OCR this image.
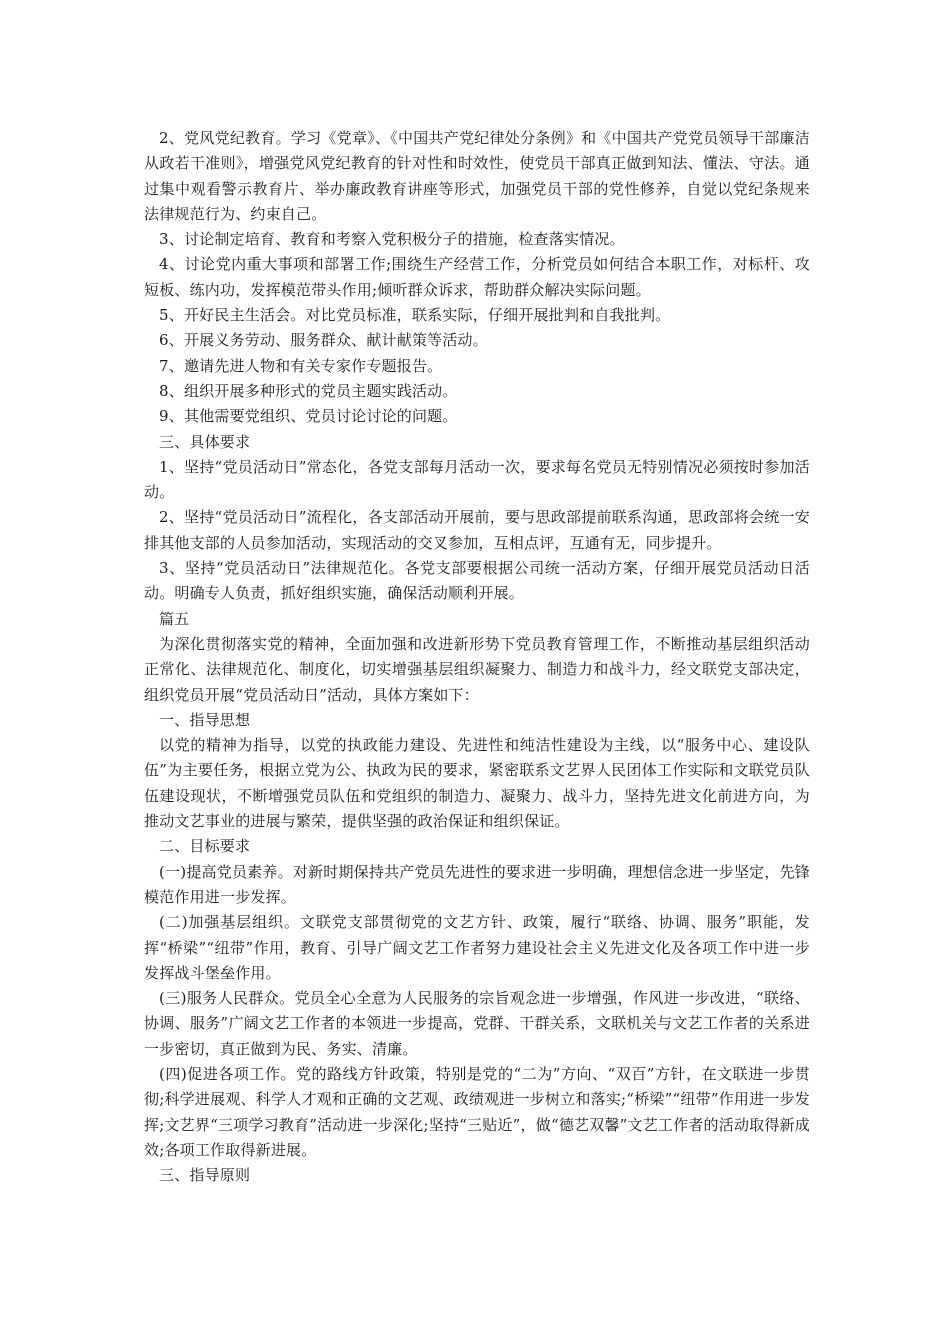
2、党风党纪教育。学习《党章》、《中国共产党纪律处分条例》和《中国共产党党员领导干部廉洁从政若干准则》，增强党风党纪教育的针对性和时效性，使党员干部真正做到知法、懂法、守法。通过集中观看警示教育片、举办廉政教育讲座等形式，加强党员干部的党性修养，自觉以党纪条规来法律规范行为、约束自己。

3、讨论制定培育、教育和考察入党积极分子的措施，检查落实情况。

4、讨论党内重大事项和部署工作;围绕生产经营工作，分析党员如何结合本职工作，对标杆、攻短板、练内功，发挥模范带头作用;倾听群众诉求，帮助群众解决实际问题。

5、开好民主生活会。对比党员标准，联系实际，仔细开展批判和自我批判。

6、开展义务劳动、服务群众、献计献策等活动。

7、邀请先进人物和有关专家作专题报告。

8、组织开展多种形式的党员主题实践活动。

9、其他需要党组织、党员讨论讨论的问题。

三、具体要求

1、坚持“党员活动日”常态化，各党支部每月活动一次，要求每名党员无特别情况必须按时参加活动。

2、坚持“党员活动日”流程化，各支部活动开展前，要与思政部提前联系沟通，思政部将会统一安排其他支部的人员参加活动，实现活动的交叉参加，互相点评，互通有无，同步提升。

3、坚持“党员活动日”法律规范化。各党支部要根据公司统一活动方案，仔细开展党员活动日活动。明确专人负责，抓好组织实施，确保活动顺利开展。

篇五

为深化贯彻落实党的精神，全面加强和改进新形势下党员教育管理工作，不断推动基层组织活动正常化、法律规范化、制度化，切实增强基层组织凝聚力、制造力和战斗力，经文联党支部决定，组织党员开展“党员活动日”活动，具体方案如下：

一、指导思想

以党的精神为指导，以党的执政能力建设、先进性和纯洁性建设为主线，以“服务中心、建设队伍”为主要任务，根据立党为公、执政为民的要求，紧密联系文艺界人民团体工作实际和文联党员队伍建设现状，不断增强党员队伍和党组织的制造力、凝聚力、战斗力，坚持先进文化前进方向，为推动文艺事业的进展与繁荣，提供坚强的政治保证和组织保证。

二、目标要求

(一)提高党员素养。对新时期保持共产党员先进性的要求进一步明确，理想信念进一步坚定，先锋模范作用进一步发挥。

(二)加强基层组织。文联党支部贯彻党的文艺方针、政策，履行“联络、协调、服务”职能，发挥“桥梁”“纽带”作用，教育、引导广阔文艺工作者努力建设社会主义先进文化及各项工作中进一步发挥战斗堡垒作用。

(三)服务人民群众。党员全心全意为人民服务的宗旨观念进一步增强，作风进一步改进，“联络、协调、服务”广阔文艺工作者的本领进一步提高，党群、干群关系，文联机关与文艺工作者的关系进一步密切，真正做到为民、务实、清廉。

(四)促进各项工作。党的路线方针政策，特别是党的“二为”方向、“双百”方针，在文联进一步贯彻;科学进展观、科学人才观和正确的文艺观、政绩观进一步树立和落实;“桥梁”“纽带”作用进一步发挥;文艺界“三项学习教育”活动进一步深化;坚持“三贴近”，做“德艺双馨”文艺工作者的活动取得新成效;各项工作取得新进展。

三、指导原则
